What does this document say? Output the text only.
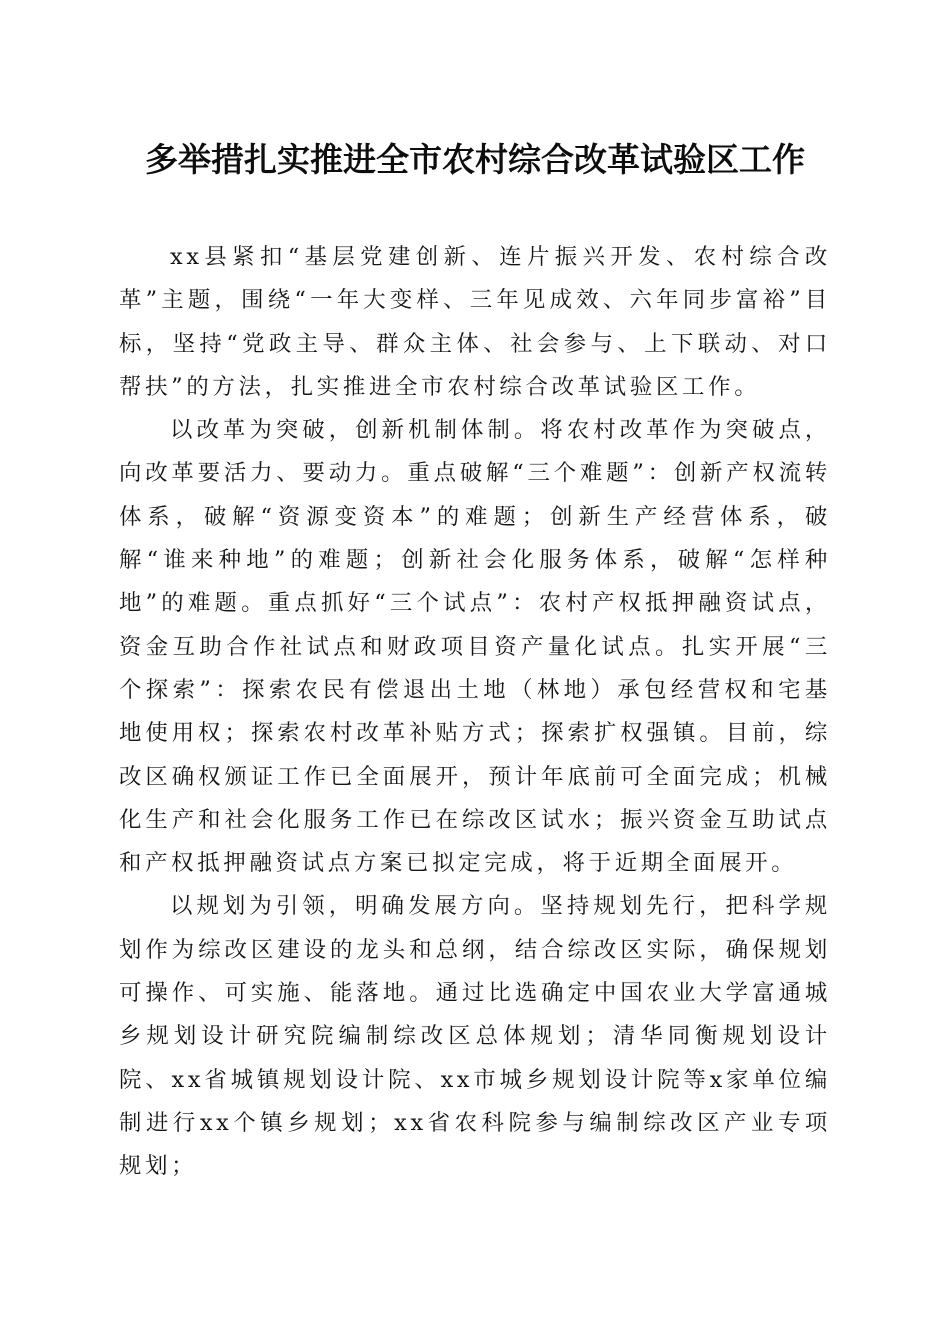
多举措扎实推进全市农村综合改革试验区工作

xx县紧扣“基层党建创新、连片振兴开发、农村综合改革”主题，围绕“一年大变样、三年见成效、六年同步富裕”目标，坚持“党政主导、群众主体、社会参与、上下联动、对口帮扶”的方法，扎实推进全市农村综合改革试验区工作。

以改革为突破，创新机制体制。将农村改革作为突破点，向改革要活力、要动力。重点破解“三个难题”：创新产权流转体系，破解“资源变资本”的难题；创新生产经营体系，破解“谁来种地”的难题；创新社会化服务体系，破解“怎样种地”的难题。重点抓好“三个试点”：农村产权抵押融资试点，资金互助合作社试点和财政项目资产量化试点。扎实开展“三个探索”：探索农民有偿退出土地（林地）承包经营权和宅基地使用权；探索农村改革补贴方式；探索扩权强镇。目前，综改区确权颁证工作已全面展开，预计年底前可全面完成；机械化生产和社会化服务工作已在综改区试水；振兴资金互助试点和产权抵押融资试点方案已拟定完成，将于近期全面展开。

以规划为引领，明确发展方向。坚持规划先行，把科学规划作为综改区建设的龙头和总纲，结合综改区实际，确保规划可操作、可实施、能落地。通过比选确定中国农业大学富通城乡规划设计研究院编制综改区总体规划；清华同衡规划设计院、xx省城镇规划设计院、xx市城乡规划设计院等x家单位编制进行xx个镇乡规划；xx省农科院参与编制综改区产业专项规划；
